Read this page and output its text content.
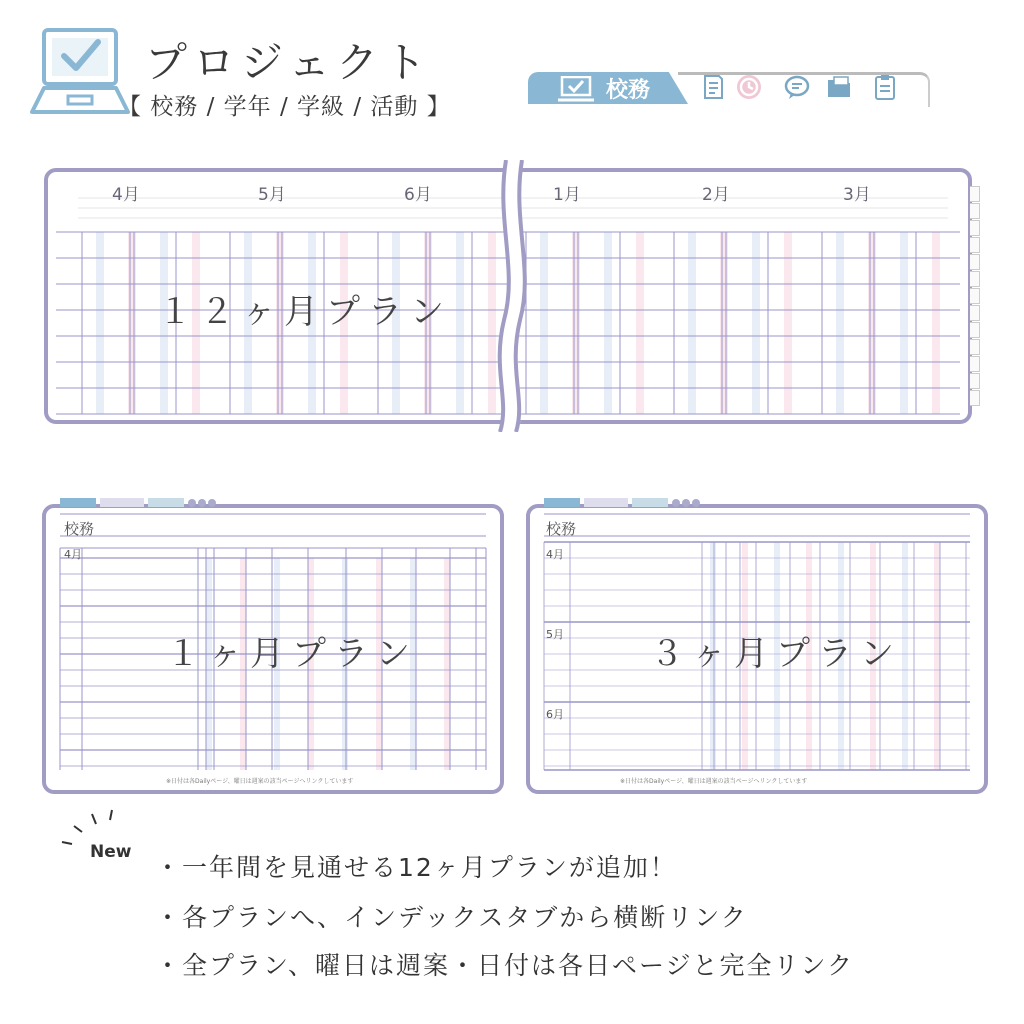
プロジェクト
【 校務 / 学年 / 学級 / 活動 】
校務
4月	5月	6月	1月	2月	3月
１２ヶ月プラン
校務
4月
※日付は各Dailyページ、曜日は週案の該当ページへリンクしています
１ヶ月プラン
校務
4月
5月
6月
※日付は各Dailyページ、曜日は週案の該当ページへリンクしています
３ヶ月プラン
New
・一年間を見通せる12ヶ月プランが追加！
・各プランへ、インデックスタブから横断リンク
・全プラン、曜日は週案・日付は各日ページと完全リンク
